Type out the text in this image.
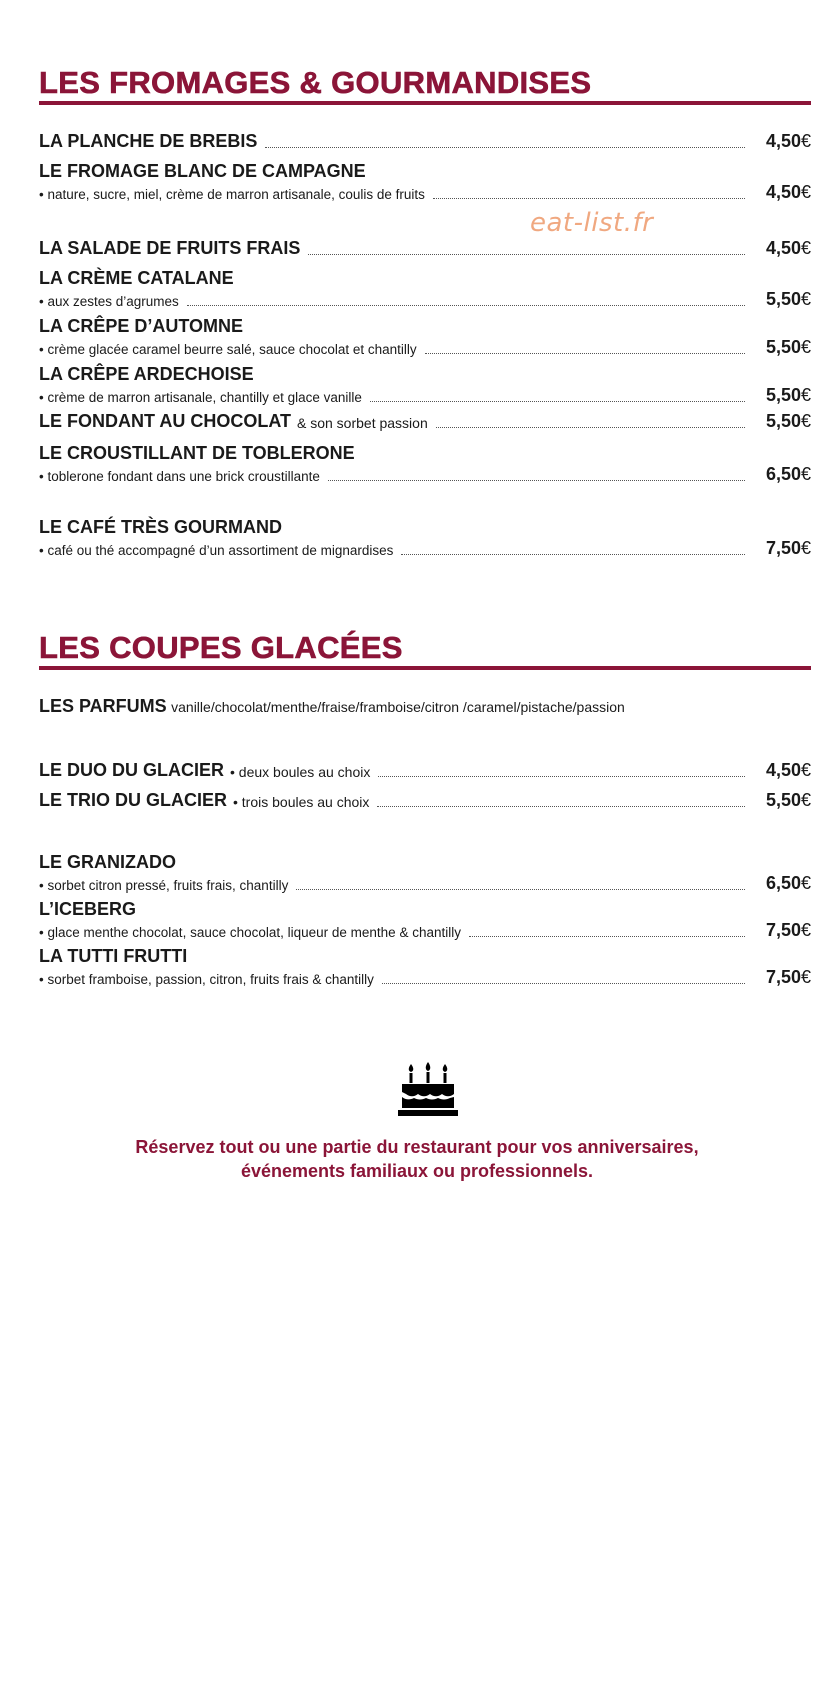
LES FROMAGES & GOURMANDISES
LA PLANCHE DE BREBIS	4,50€
LE FROMAGE BLANC DE CAMPAGNE
• nature, sucre, miel, crème de marron artisanale, coulis de fruits	4,50€
eat-list.fr
LA SALADE DE FRUITS FRAIS	4,50€
LA CRÈME CATALANE
• aux zestes d’agrumes	5,50€
LA CRÊPE D’AUTOMNE
• crème glacée caramel beurre salé, sauce chocolat et chantilly	5,50€
LA CRÊPE ARDECHOISE
• crème de marron artisanale, chantilly et glace vanille	5,50€
LE FONDANT AU CHOCOLAT & son sorbet passion	5,50€
LE CROUSTILLANT DE TOBLERONE
• toblerone fondant dans une brick croustillante	6,50€
LE CAFÉ TRÈS GOURMAND
• café ou thé accompagné d’un assortiment de mignardises	7,50€
LES COUPES GLACÉES
LES PARFUMS vanille/chocolat/menthe/fraise/framboise/citron /caramel/pistache/passion
LE DUO DU GLACIER • deux boules au choix	4,50€
LE TRIO DU GLACIER • trois boules au choix	5,50€
LE GRANIZADO
• sorbet citron pressé, fruits frais, chantilly	6,50€
L’ICEBERG
• glace menthe chocolat, sauce chocolat, liqueur de menthe & chantilly	7,50€
LA TUTTI FRUTTI
• sorbet framboise, passion, citron, fruits frais & chantilly	7,50€
Réservez tout ou une partie du restaurant pour vos anniversaires,
événements familiaux ou professionnels.
